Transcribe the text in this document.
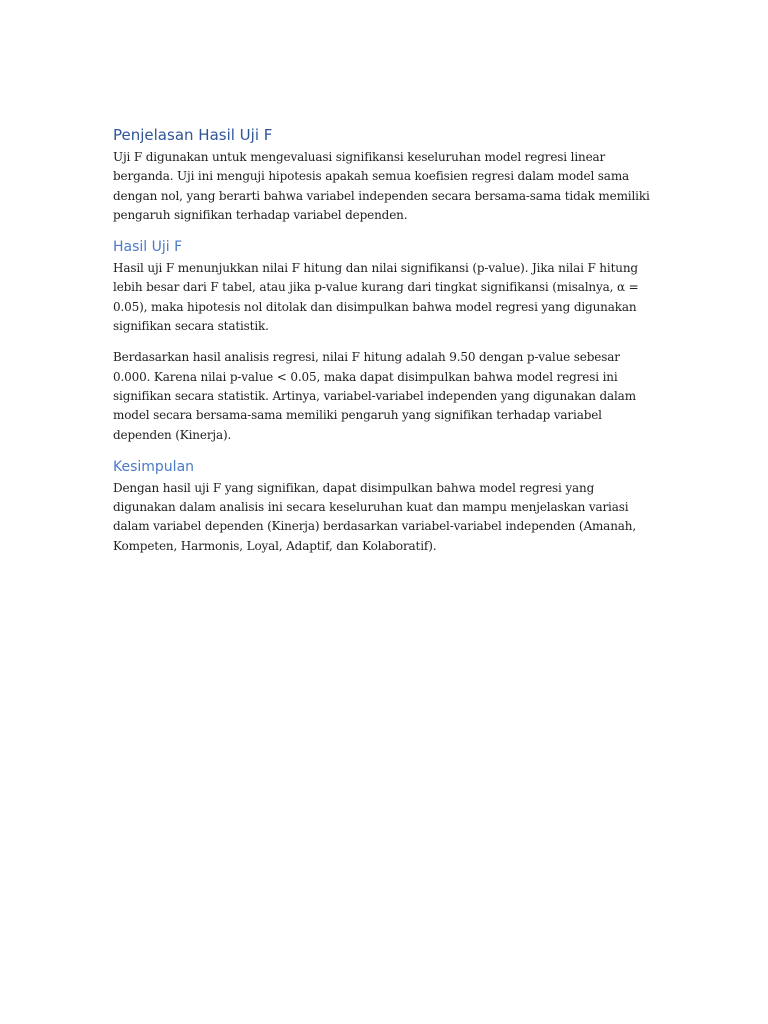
Penjelasan Hasil Uji F

Uji F digunakan untuk mengevaluasi signifikansi keseluruhan model regresi linear berganda. Uji ini menguji hipotesis apakah semua koefisien regresi dalam model sama dengan nol, yang berarti bahwa variabel independen secara bersama-sama tidak memiliki pengaruh signifikan terhadap variabel dependen.

Hasil Uji F

Hasil uji F menunjukkan nilai F hitung dan nilai signifikansi (p-value). Jika nilai F hitung lebih besar dari F tabel, atau jika p-value kurang dari tingkat signifikansi (misalnya, α = 0.05), maka hipotesis nol ditolak dan disimpulkan bahwa model regresi yang digunakan signifikan secara statistik.

Berdasarkan hasil analisis regresi, nilai F hitung adalah 9.50 dengan p-value sebesar 0.000. Karena nilai p-value < 0.05, maka dapat disimpulkan bahwa model regresi ini signifikan secara statistik. Artinya, variabel-variabel independen yang digunakan dalam model secara bersama-sama memiliki pengaruh yang signifikan terhadap variabel dependen (Kinerja).

Kesimpulan

Dengan hasil uji F yang signifikan, dapat disimpulkan bahwa model regresi yang digunakan dalam analisis ini secara keseluruhan kuat dan mampu menjelaskan variasi dalam variabel dependen (Kinerja) berdasarkan variabel-variabel independen (Amanah, Kompeten, Harmonis, Loyal, Adaptif, dan Kolaboratif).
